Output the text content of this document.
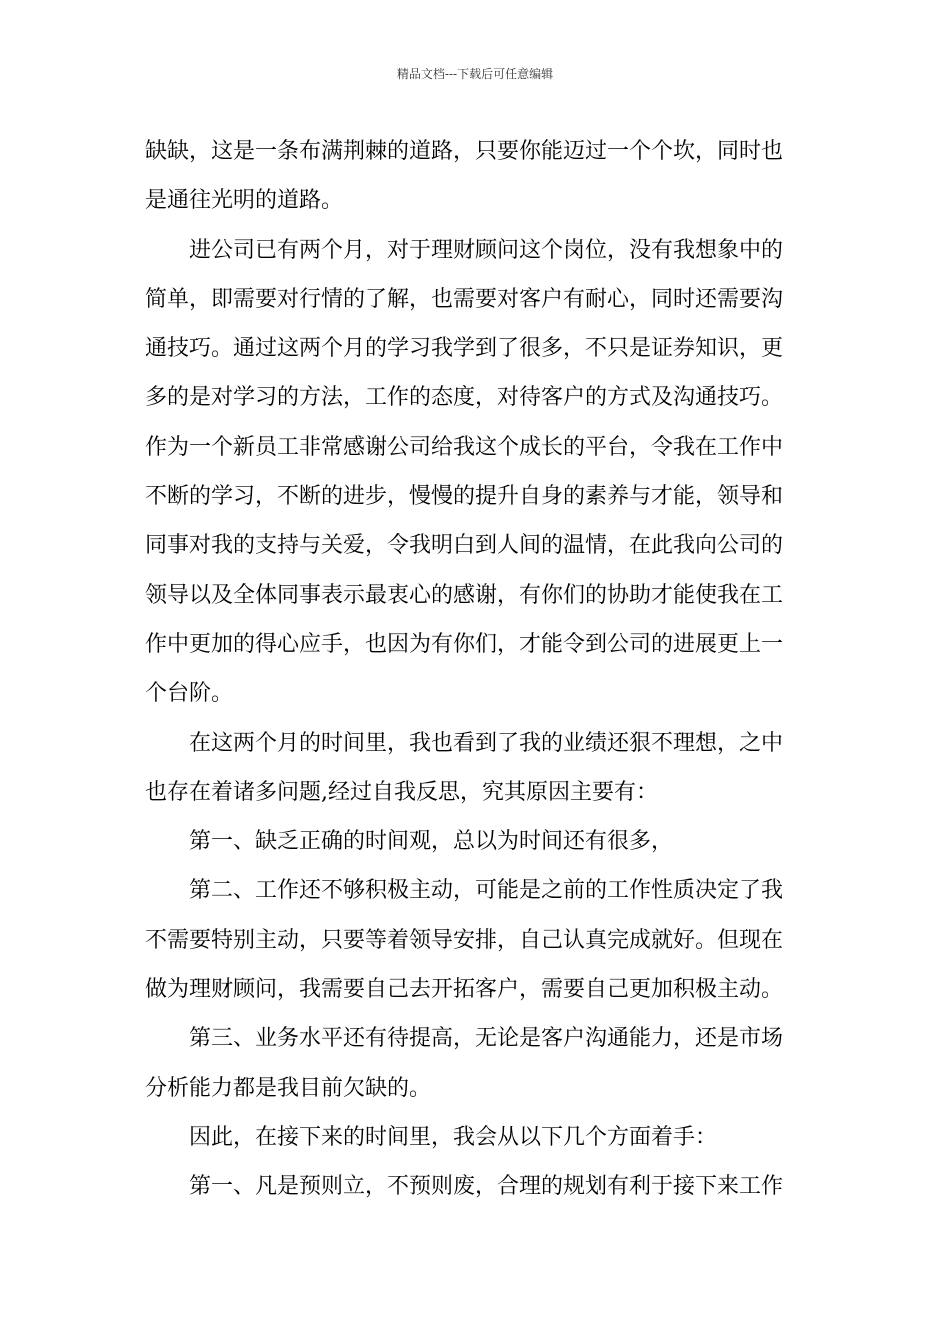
精品文档---下载后可任意编辑
缺缺，这是一条布满荆棘的道路，只要你能迈过一个个坎，同时也
是通往光明的道路。
进公司已有两个月，对于理财顾问这个岗位，没有我想象中的
简单，即需要对行情的了解，也需要对客户有耐心，同时还需要沟
通技巧。通过这两个月的学习我学到了很多，不只是证券知识，更
多的是对学习的方法，工作的态度，对待客户的方式及沟通技巧。
作为一个新员工非常感谢公司给我这个成长的平台，令我在工作中
不断的学习，不断的进步，慢慢的提升自身的素养与才能，领导和
同事对我的支持与关爱，令我明白到人间的温情，在此我向公司的
领导以及全体同事表示最衷心的感谢，有你们的协助才能使我在工
作中更加的得心应手，也因为有你们，才能令到公司的进展更上一
个台阶。
在这两个月的时间里，我也看到了我的业绩还狠不理想，之中
也存在着诸多问题,经过自我反思，究其原因主要有：
第一、缺乏正确的时间观，总以为时间还有很多，
第二、工作还不够积极主动，可能是之前的工作性质决定了我
不需要特别主动，只要等着领导安排，自己认真完成就好。但现在
做为理财顾问，我需要自己去开拓客户，需要自己更加积极主动。
第三、业务水平还有待提高，无论是客户沟通能力，还是市场
分析能力都是我目前欠缺的。
因此，在接下来的时间里，我会从以下几个方面着手：
第一、凡是预则立，不预则废，合理的规划有利于接下来工作
